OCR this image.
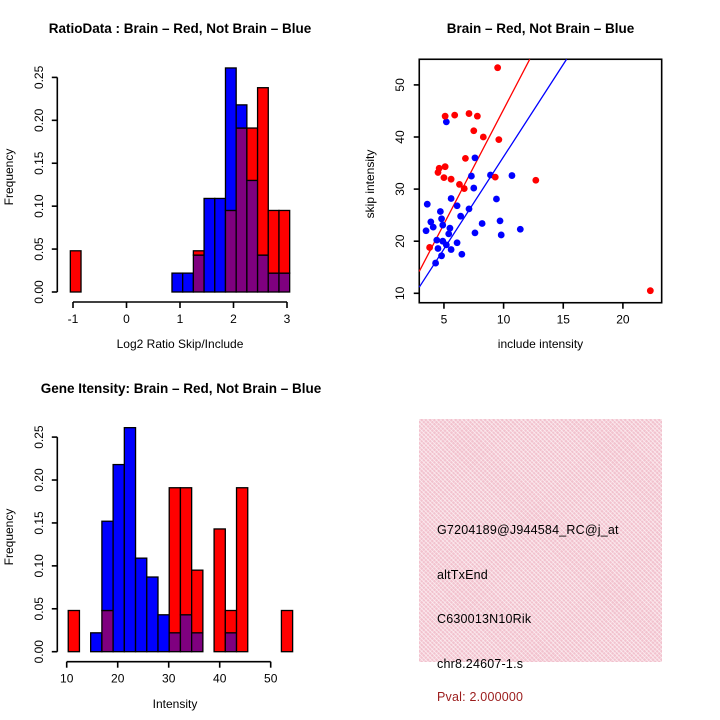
RatioData : Brain – Red, Not Brain – Blue
Log2 Ratio Skip/Include
Frequency
0.00
0.05
0.10
0.15
0.20
0.25
-1	0	1	2	3
Brain – Red, Not Brain – Blue
include intensity
skip intensity
5	10	15	20
10
20
30
40
50
Gene Itensity: Brain – Red, Not Brain – Blue
Intensity
Frequency
0.00
0.05
0.10
0.15
0.20
0.25
10	20	30	40	50
G7204189@J944584_RC@j_at
altTxEnd
C630013N10Rik
chr8.24607-1.s
Pval: 2.000000
